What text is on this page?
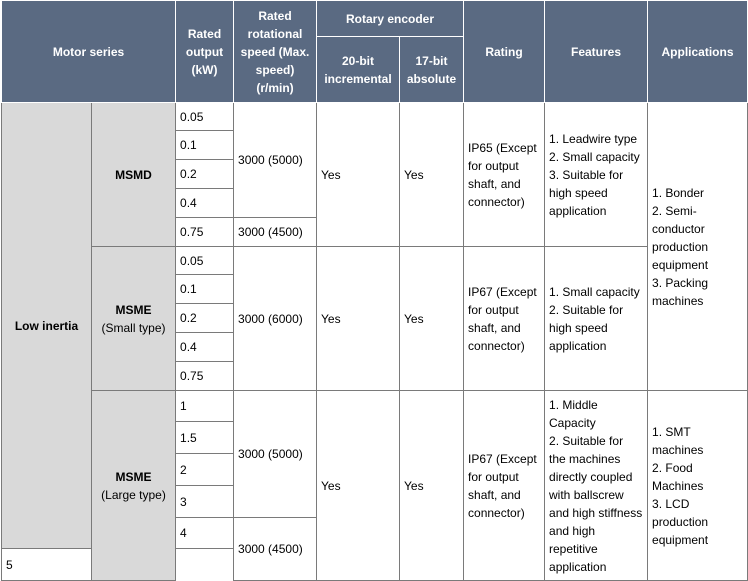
Motor series		Rated output (kW)	Rated rotational speed (Max. speed) (r/min)	Rotary encoder		Rating	Features	Applications
				20-bit incremental	17-bit absolute			
Low inertia	MSMD	0.05	3000 (5000)	Yes	Yes	IP65 (Except for output shaft, and connector)	1. Leadwire type
2. Small capacity
3. Suitable for high speed application	1. Bonder
2. Semi-conductor production equipment
3. Packing machines

		0.1						
		0.2						
		0.4						
		0.75	3000 (4500)					
	MSME
(Small type)	0.05	3000 (6000)	Yes	Yes	IP67 (Except for output shaft, and connector)	1. Small capacity
2. Suitable for high speed application	

		0.1						
		0.2						
		0.4						
		0.75						
	MSME
(Large type)	1	3000 (5000)	Yes	Yes	IP67 (Except for output shaft, and connector)	1. Middle Capacity
2. Suitable for the machines directly coupled with ballscrew and high stiffness and high repetitive application	1. SMT machines
2. Food Machines
3. LCD production equipment

		1.5						
		2						
		3						
		4	3000 (4500)					
5								
